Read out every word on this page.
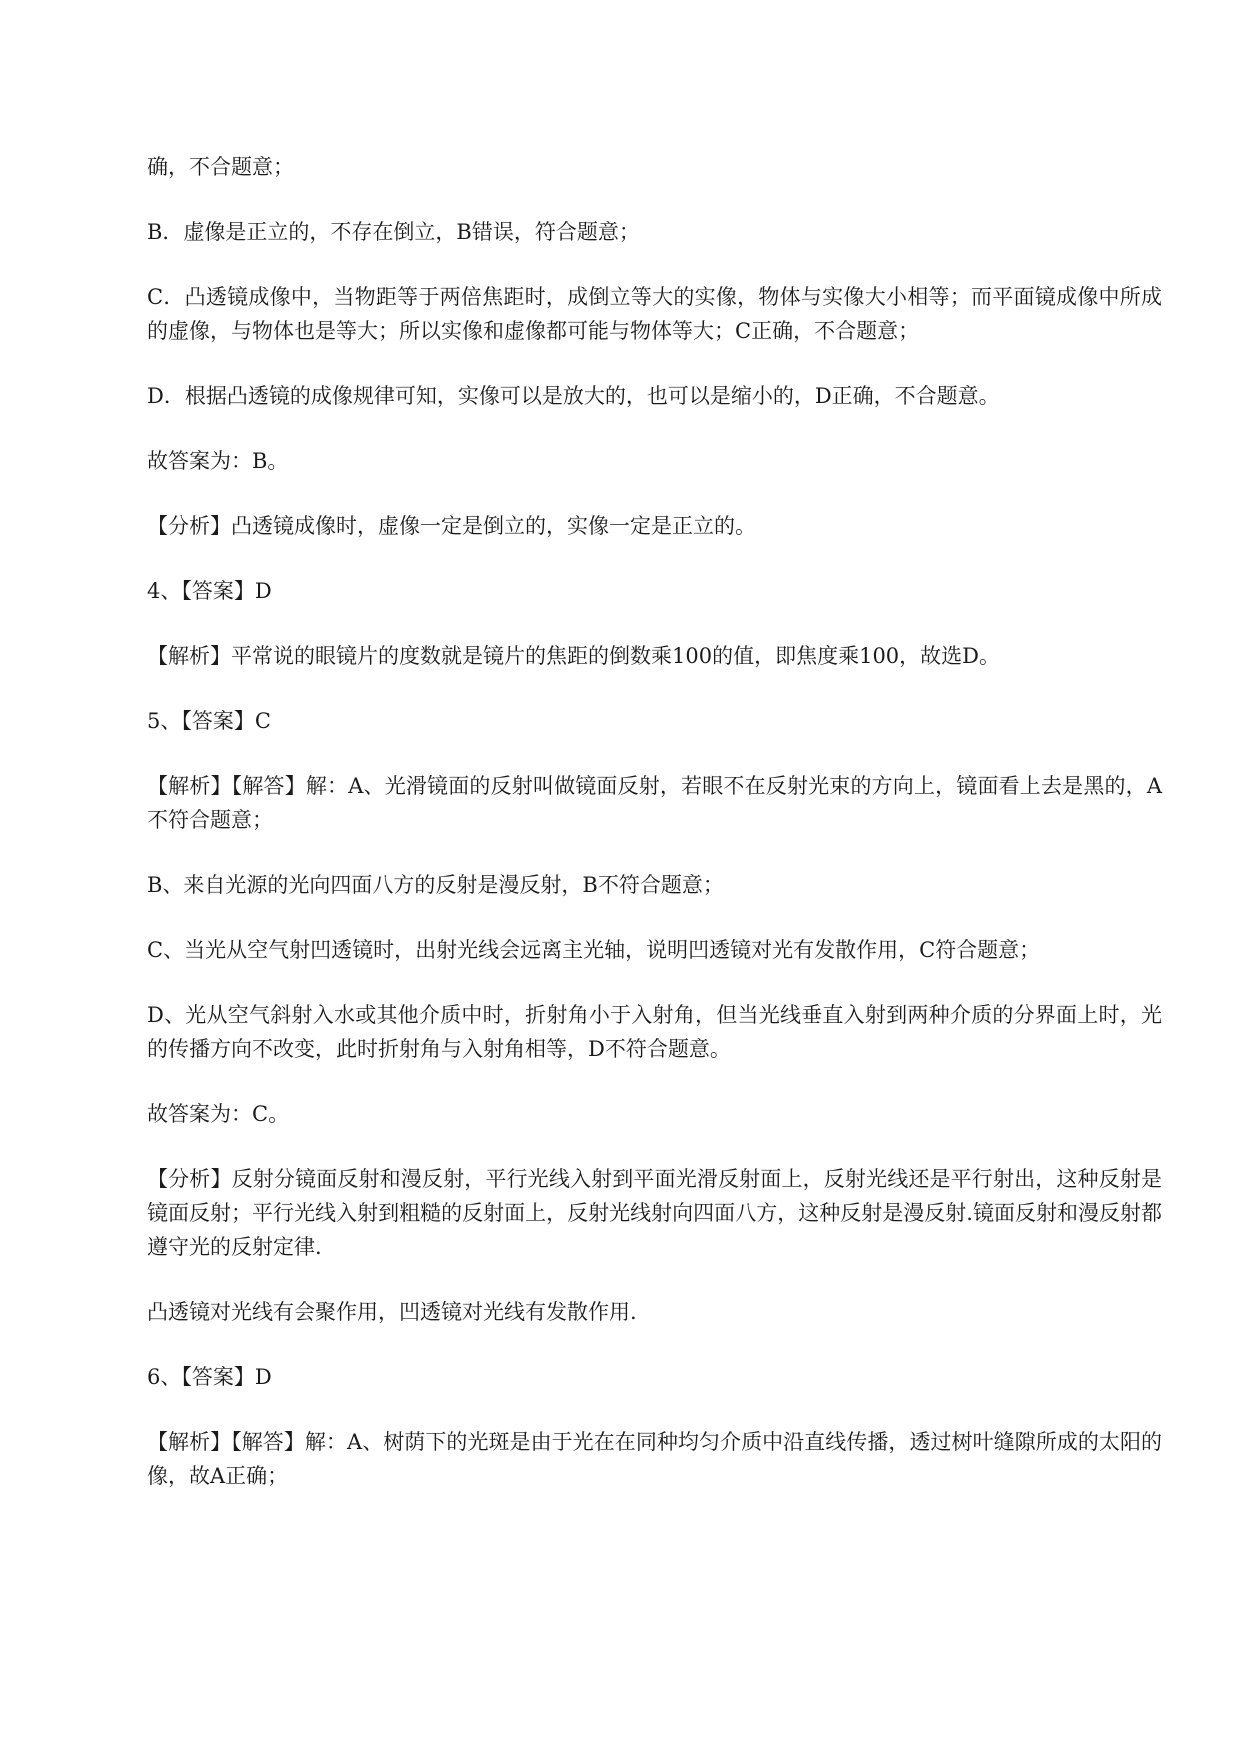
确，不合题意；

B．虚像是正立的，不存在倒立，B错误，符合题意；

C．凸透镜成像中，当物距等于两倍焦距时，成倒立等大的实像，物体与实像大小相等；而平面镜成像中所成的虚像，与物体也是等大；所以实像和虚像都可能与物体等大；C正确，不合题意；

D．根据凸透镜的成像规律可知，实像可以是放大的，也可以是缩小的，D正确，不合题意。

故答案为：B。

【分析】凸透镜成像时，虚像一定是倒立的，实像一定是正立的。

4、【答案】D

【解析】平常说的眼镜片的度数就是镜片的焦距的倒数乘100的值，即焦度乘100，故选D。

5、【答案】C

【解析】【解答】解：A、光滑镜面的反射叫做镜面反射，若眼不在反射光束的方向上，镜面看上去是黑的，A不符合题意；

B、来自光源的光向四面八方的反射是漫反射，B不符合题意；

C、当光从空气射凹透镜时，出射光线会远离主光轴，说明凹透镜对光有发散作用，C符合题意；

D、光从空气斜射入水或其他介质中时，折射角小于入射角，但当光线垂直入射到两种介质的分界面上时，光的传播方向不改变，此时折射角与入射角相等，D不符合题意。

故答案为：C。

【分析】反射分镜面反射和漫反射，平行光线入射到平面光滑反射面上，反射光线还是平行射出，这种反射是镜面反射；平行光线入射到粗糙的反射面上，反射光线射向四面八方，这种反射是漫反射.镜面反射和漫反射都遵守光的反射定律.

凸透镜对光线有会聚作用，凹透镜对光线有发散作用.

6、【答案】D

【解析】【解答】解：A、树荫下的光斑是由于光在在同种均匀介质中沿直线传播，透过树叶缝隙所成的太阳的像，故A正确；
